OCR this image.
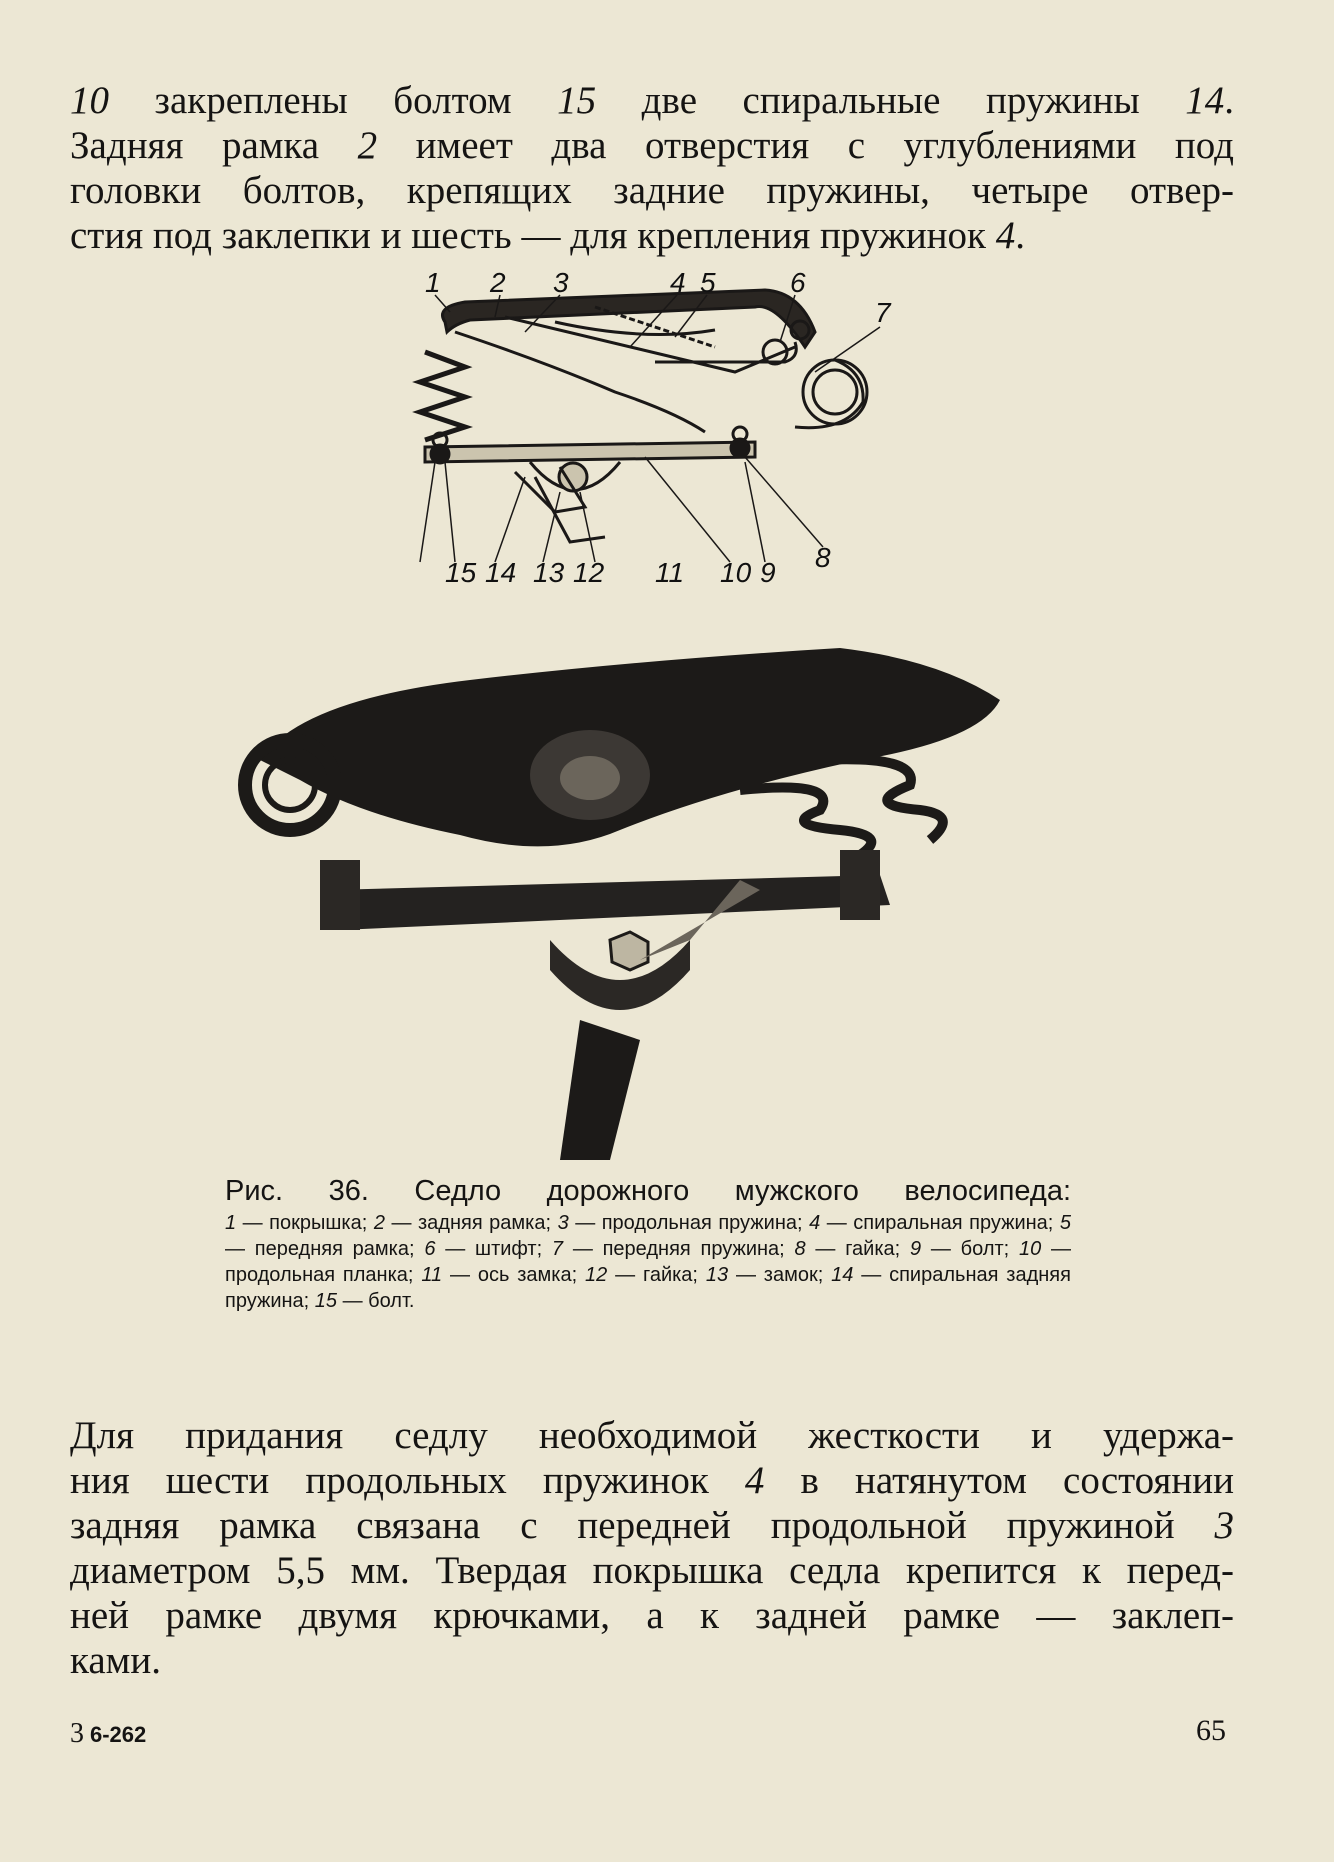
10 закреплены болтом 15 две спиральные пружины 14.
Задняя рамка 2 имеет два отверстия с углублениями под
головки болтов, крепящих задние пружины, четыре отвер-
стия под заклепки и шесть — для крепления пружинок 4.

1 2 3	4 5	6
7
8
9
10
11
12
13
14
15
Рис. 36. Седло дорожного мужского велосипеда:
1 — покрышка; 2 — задняя рамка; 3 — продольная пружина; 4 — спиральная пружина; 5 — передняя рамка; 6 — штифт; 7 — передняя пружина; 8 — гайка; 9 — болт; 10 — продольная планка; 11 — ось замка; 12 — гайка; 13 — замок; 14 — спиральная задняя пружина; 15 — болт.

Для придания седлу необходимой жесткости и удержа-
ния шести продольных пружинок 4 в натянутом состоянии
задняя рамка связана с передней продольной пружиной 3
диаметром 5,5 мм. Твердая покрышка седла крепится к перед-
ней рамке двумя крючками, а к задней рамке — заклеп-
ками.

3 6-262	65
